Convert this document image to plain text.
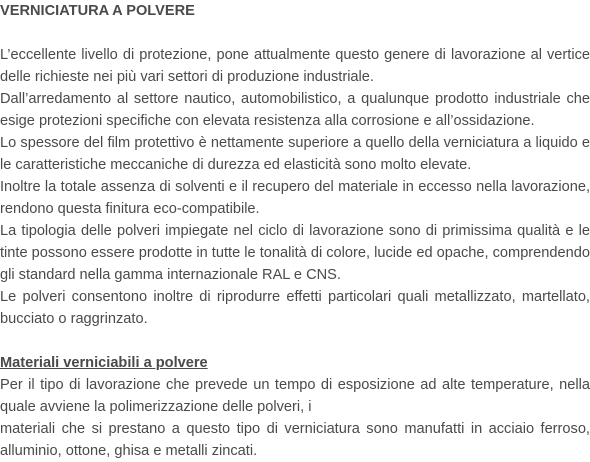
VERNICIATURA A POLVERE

L’eccellente livello di protezione, pone attualmente questo genere di lavorazione al vertice delle richieste nei più vari settori di produzione industriale.

Dall’arredamento al settore nautico, automobilistico, a qualunque prodotto industriale che esige protezioni specifiche con elevata resistenza alla corrosione e all’ossidazione.

Lo spessore del film protettivo è nettamente superiore a quello della verniciatura a liquido e le caratteristiche meccaniche di durezza ed elasticità sono molto elevate.

Inoltre la totale assenza di solventi e il recupero del materiale in eccesso nella lavorazione, rendono questa finitura eco-compatibile.

La tipologia delle polveri impiegate nel ciclo di lavorazione sono di primissima qualità e le tinte possono essere prodotte in tutte le tonalità di colore, lucide ed opache, comprendendo gli standard nella gamma internazionale RAL e CNS.

Le polveri consentono inoltre di riprodurre effetti particolari quali metallizzato, martellato, bucciato o raggrinzato.

Materiali verniciabili a polvere

Per il tipo di lavorazione che prevede un tempo di esposizione ad alte temperature, nella quale avviene la polimerizzazione delle polveri, i

materiali che si prestano a questo tipo di verniciatura sono manufatti in acciaio ferroso, alluminio, ottone, ghisa e metalli zincati.
